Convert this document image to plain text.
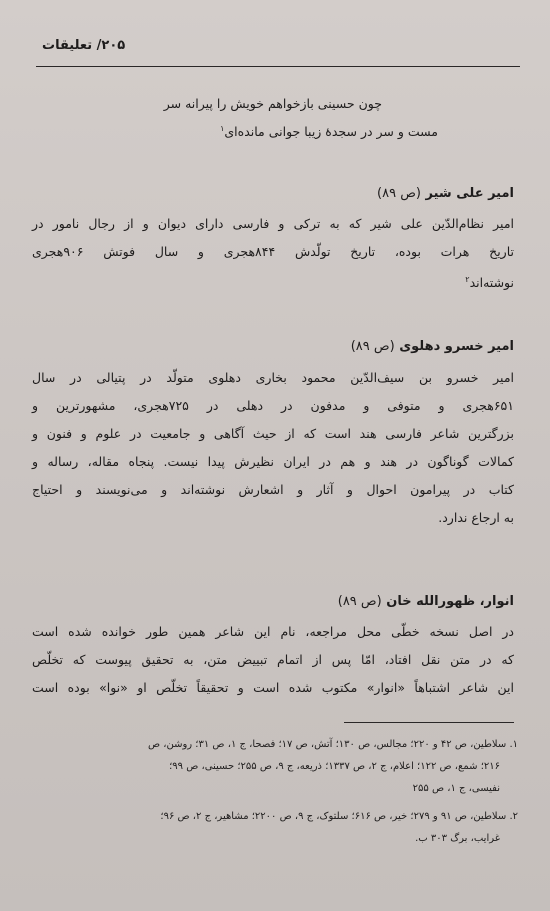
۲۰۵/ تعلیقات
چون حسینی بازخواهم خویش را پیرانه سر
مست و سر در سجدۀ زیبا جوانی مانده‌ای$^۱$
امیر علی شیر (ص ۸۹)
امیر نظام‌الدّین علی شیر که به ترکی و فارسی دارای دیوان و از رجال نامور در
تاریخ هرات بوده، تاریخ تولّدش ۸۴۴هجری و سال فوتش ۹۰۶هجری
نوشته‌اند$^۲$
امیر خسرو دهلوی (ص ۸۹)
امیر خسرو بن سیف‌الدّین محمود بخاری دهلوی متولّد در پتیالی در سال
۶۵۱هجری و متوفی و مدفون در دهلی در ۷۲۵هجری، مشهورترین و
بزرگترین شاعر فارسی هند است که از حیث آگاهی و جامعیت در علوم و فنون و
کمالات گوناگون در هند و هم در ایران نظیرش پیدا نیست. پنجاه مقاله، رساله و
کتاب در پیرامون احوال و آثار و اشعارش نوشته‌اند و می‌نویسند و احتیاج
به ارجاع ندارد.
انوار، ظهورالله خان (ص ۸۹)
در اصل نسخه خطّی محل مراجعه، نام این شاعر همین طور خوانده شده است
که در متن نقل افتاد، امّا پس از اتمام تبییض متن، به تحقیق پیوست که تخلّص
این شاعر اشتباهاً «انوار» مکتوب شده است و تحقیقاً تخلّص او «نوا» بوده است
۱. سلاطین، ص ۴۲ و ۲۲۰؛ مجالس، ص ۱۳۰؛ آتش، ص ۱۷؛ فصحا، ج ۱، ص ۳۱؛ روشن، ص
۲۱۶؛ شمع، ص ۱۲۲؛ اعلام، ج ۲، ص ۱۳۳۷؛ ذریعه، ج ۹، ص ۲۵۵؛ حسینی، ص ۹۹؛
نفیسی، ج ۱، ص ۲۵۵
۲. سلاطین، ص ۹۱ و ۲۷۹؛ خیر، ص ۶۱۶؛ سلتوک، ج ۹، ص ۲۲۰۰؛ مشاهیر، ج ۲، ص ۹۶؛
غرایب، برگ ۳۰۳ ب.
